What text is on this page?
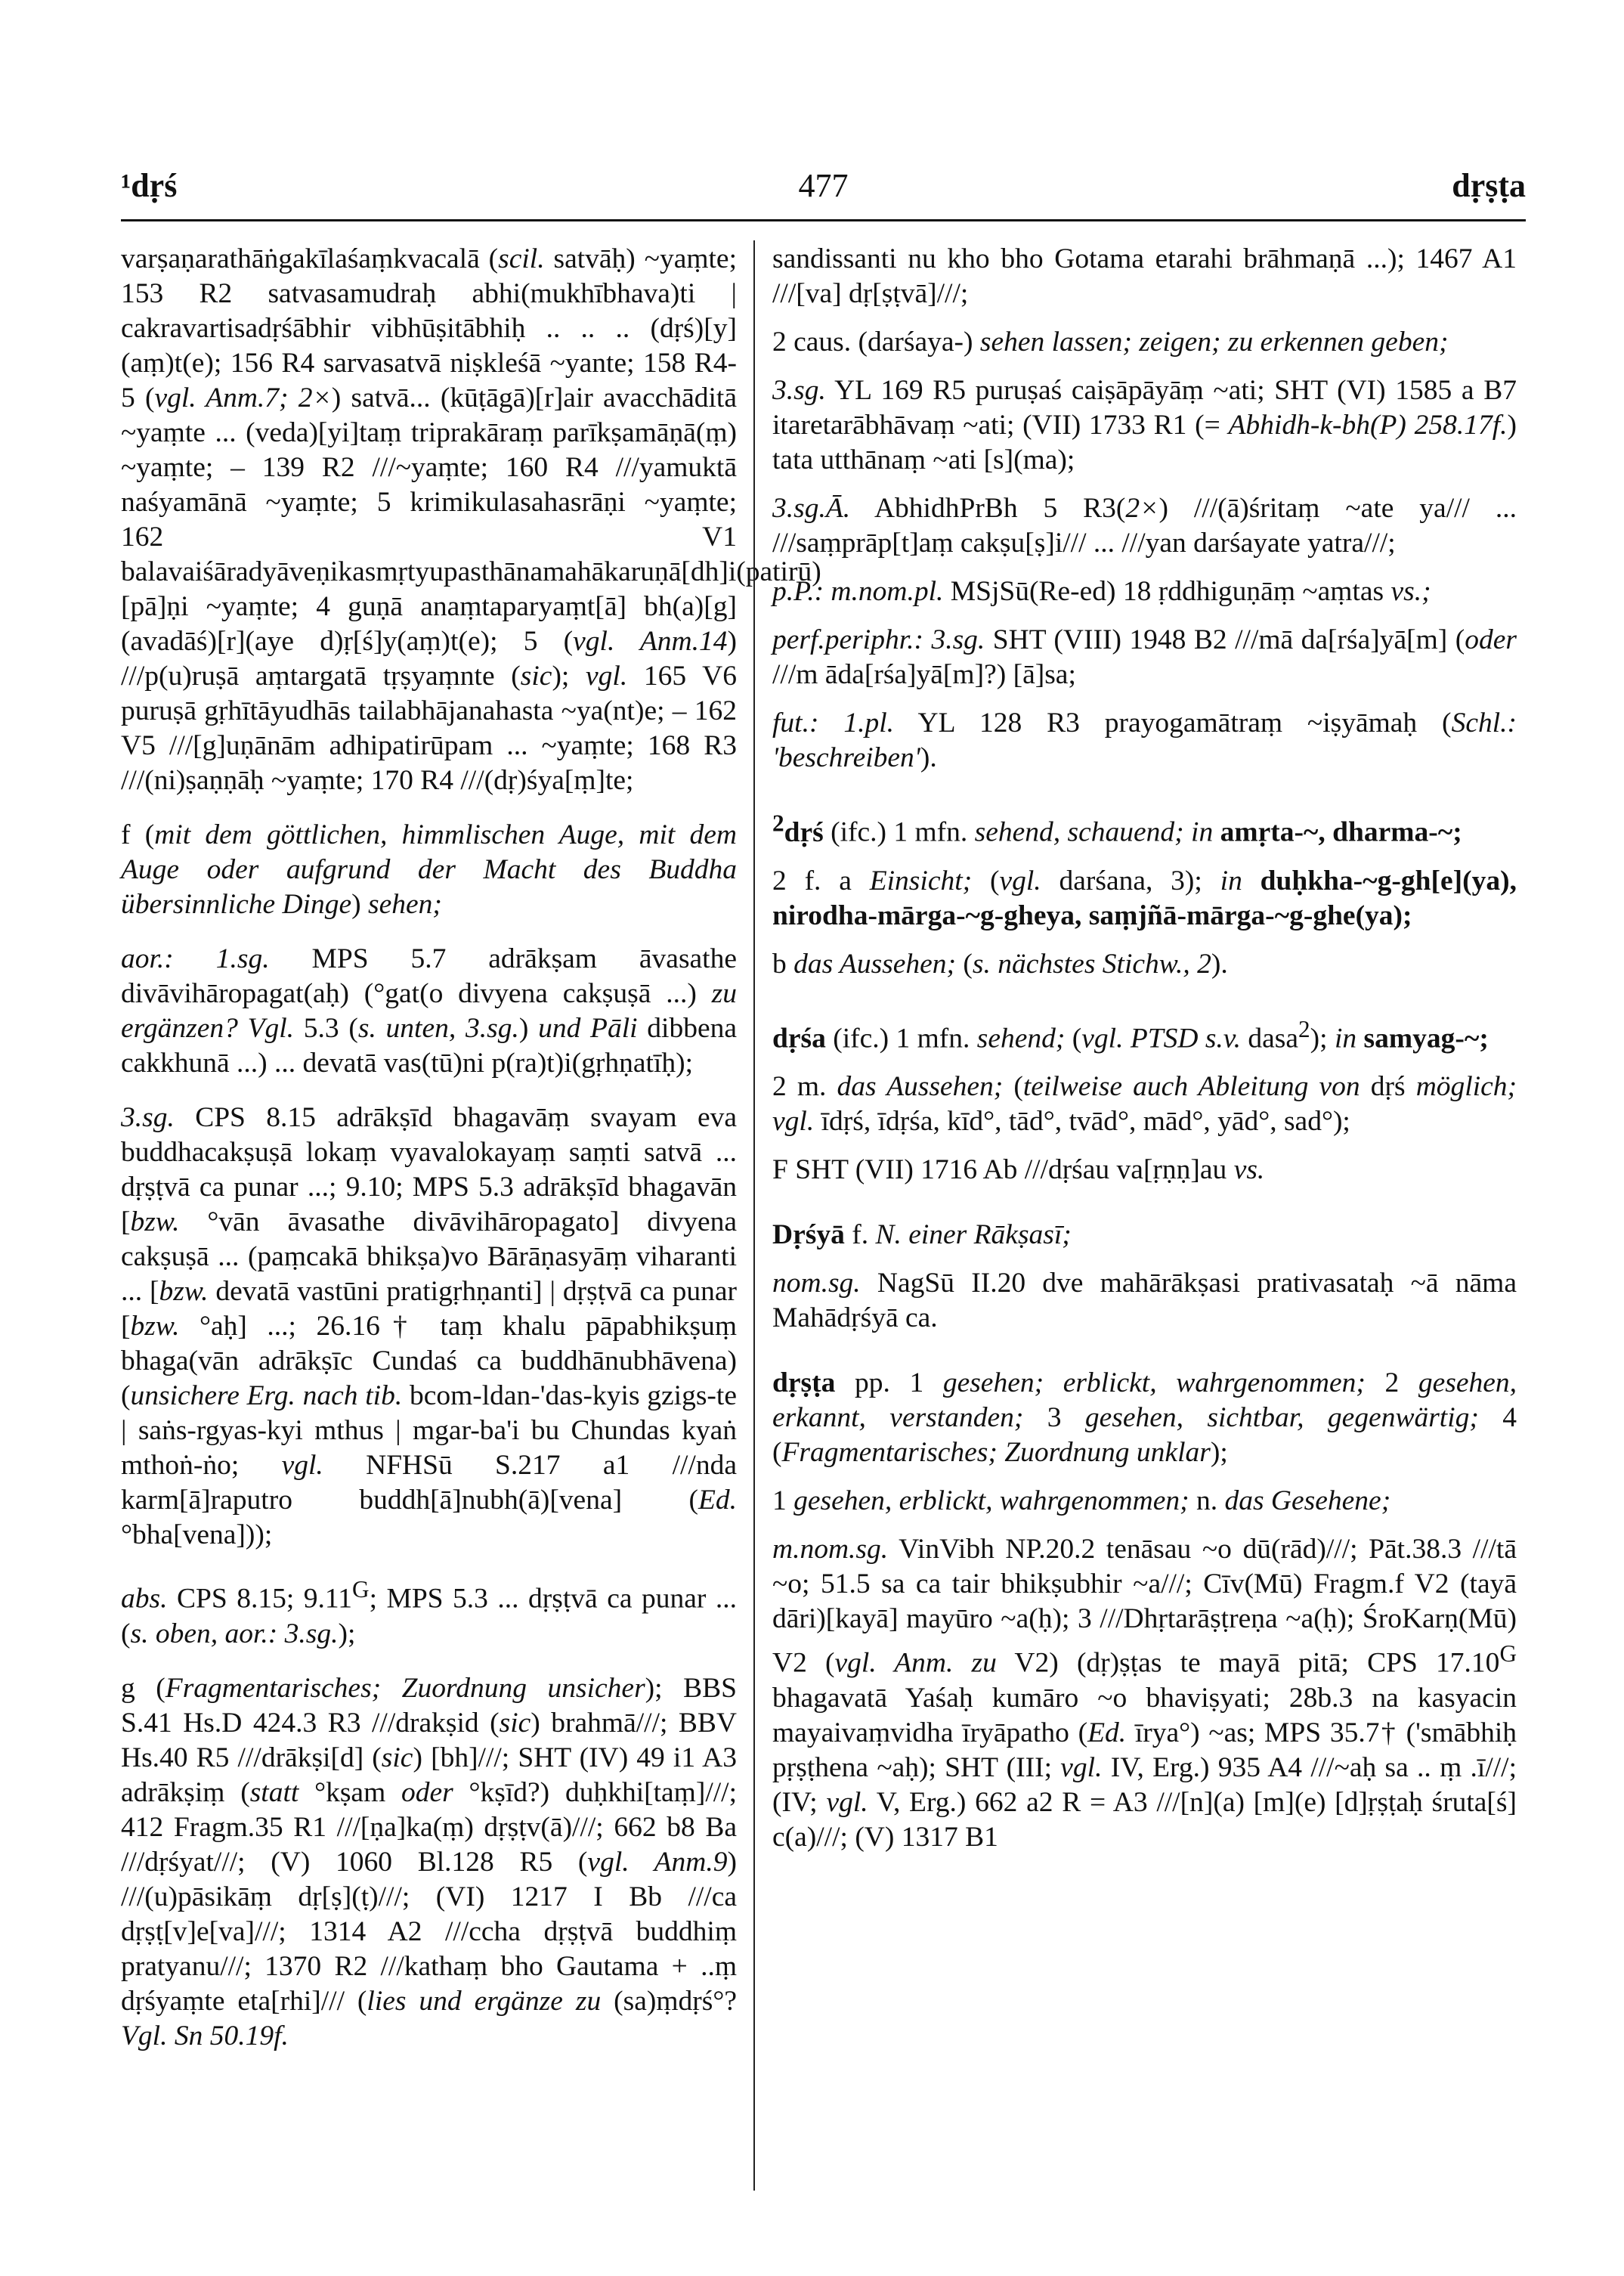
¹dṛś	477	dṛṣṭa

varṣaṇarathāṅgakīlaśaṃkvacalā (scil. satvāḥ) ~yaṃte; 153 R2 satvasamudraḥ abhi(mukhībhava)ti | cakravartisadṛśābhir vibhūṣitābhiḥ .. .. .. (dṛś)[y](aṃ)t(e); 156 R4 sarvasatvā niṣkleśā ~yante; 158 R4-5 (vgl. Anm.7; 2×) satvā... (kūṭāgā)[r]air avacchāditā ~yaṃte ... (veda)[yi]taṃ triprakāraṃ parīkṣamāṇā(ṃ) ~yaṃte; – 139 R2 ///~yaṃte; 160 R4 ///yamuktā naśyamānā ~yaṃte; 5 krimikulasahasrāṇi ~yaṃte; 162 V1 balavaiśāradyāveṇikasmṛtyupasthānamahākaruṇā[dh]i(patirū)[pā]ṇi ~yaṃte; 4 guṇā anaṃtaparyaṃt[ā] bh(a)[g](avadāś)[r](aye d)ṛ[ś]y(aṃ)t(e); 5 (vgl. Anm.14) ///p(u)ruṣā aṃtargatā tṛṣyaṃnte (sic); vgl. 165 V6 puruṣā gṛhītāyudhās tailabhājanahasta ~ya(nt)e; – 162 V5 ///[g]uṇānām adhipatirūpam ... ~yaṃte; 168 R3 ///(ni)ṣaṇṇāḥ ~yaṃte; 170 R4 ///(dṛ)śya[ṃ]te;

f (mit dem göttlichen, himmlischen Auge, mit dem Auge oder aufgrund der Macht des Buddha übersinnliche Dinge) sehen;

aor.: 1.sg. MPS 5.7 adrākṣam āvasathe divāvihāropagat(aḥ) (°gat(o divyena cakṣuṣā ...) zu ergänzen? Vgl. 5.3 (s. unten, 3.sg.) und Pāli dibbena cakkhunā ...) ... devatā vas(tū)ni p(ra)t)i(gṛhṇatīḥ);

3.sg. CPS 8.15 adrākṣīd bhagavāṃ svayam eva buddhacakṣuṣā lokaṃ vyavalokayaṃ saṃti satvā ... dṛṣṭvā ca punar ...; 9.10; MPS 5.3 adrākṣīd bhagavān [bzw. °vān āvasathe divāvihāropagato] divyena cakṣuṣā ... (paṃcakā bhikṣa)vo Bārāṇasyāṃ viharanti ... [bzw. devatā vastūni pratigṛhṇanti] | dṛṣṭvā ca punar [bzw. °aḥ] ...; 26.16† taṃ khalu pāpabhikṣuṃ bhaga(vān adrākṣīc Cundaś ca buddhānubhāvena) (unsichere Erg. nach tib. bcom-ldan-'das-kyis gzigs-te | saṅs-rgyas-kyi mthus | mgar-ba'i bu Chundas kyaṅ mthoṅ-ṅo; vgl. NFHSū S.217 a1 ///nda karm[ā]raputro buddh[ā]nubh(ā)[vena] (Ed. °bha[vena]));

abs. CPS 8.15; $9.11^G$; MPS 5.3 ... dṛṣṭvā ca punar ... (s. oben, aor.: 3.sg.);

g (Fragmentarisches; Zuordnung unsicher); BBS S.41 Hs.D 424.3 R3 ///drakṣid (sic) brahmā///; BBV Hs.40 R5 ///drākṣi[d] (sic) [bh]///; SHT (IV) 49 i1 A3 adrākṣiṃ (statt °kṣam oder °kṣīd?) duḥkhi[taṃ]///; 412 Fragm.35 R1 ///[ṇa]ka(ṃ) dṛṣṭv(ā)///; 662 b8 Ba ///dṛśyat///; (V) 1060 Bl.128 R5 (vgl. Anm.9) ///(u)pāsikāṃ dṛ[ṣ](ṭ)///; (VI) 1217 I Bb ///ca dṛṣṭ[v]e[va]///; 1314 A2 ///ccha dṛṣṭvā buddhiṃ pratyanu///; 1370 R2 ///kathaṃ bho Gautama + ..ṃ dṛśyaṃte eta[rhi]/// (lies und ergänze zu (sa)ṃdṛś°? Vgl. Sn 50.19f.

sandissanti nu kho bho Gotama etarahi brāhmaṇā ...); 1467 A1 ///[va] dṛ[ṣṭvā]///;

2 caus. (darśaya-) sehen lassen; zeigen; zu erkennen geben;

3.sg. YL 169 R5 puruṣaś caiṣāpāyāṃ ~ati; SHT (VI) 1585 a B7 itaretarābhāvaṃ ~ati; (VII) 1733 R1 (= Abhidh-k-bh(P) 258.17f.) tata utthānaṃ ~ati [s](ma);

3.sg.Ā. AbhidhPrBh 5 R3(2×) ///(ā)śritaṃ ~ate ya/// ... ///saṃprāp[t]aṃ cakṣu[ṣ]i/// ... ///yan darśayate yatra///;

p.P.: m.nom.pl. MSjSū(Re-ed) 18 ṛddhiguṇāṃ ~aṃtas vs.;

perf.periphr.: 3.sg. SHT (VIII) 1948 B2 ///mā da[rśa]yā[m] (oder ///m āda[rśa]yā[m]?) [ā]sa;

fut.: 1.pl. YL 128 R3 prayogamātraṃ ~iṣyāmaḥ (Schl.: 'beschreiben').

$^2$dṛś (ifc.) 1 mfn. sehend, schauend; in amṛta-~, dharma-~;

2 f. a Einsicht; (vgl. darśana, 3); in duḥkha-~g-gh[e](ya), nirodha-mārga-~g-gheya, saṃjñā-mārga-~g-ghe(ya);

b das Aussehen; (s. nächstes Stichw., 2).

dṛśa (ifc.) 1 mfn. sehend; (vgl. PTSD s.v. dasa$^2$); in samyag-~;

2 m. das Aussehen; (teilweise auch Ableitung von dṛś möglich; vgl. īdṛś, īdṛśa, kīd°, tād°, tvād°, mād°, yād°, sad°);

F SHT (VII) 1716 Ab ///dṛśau va[ṛṇṇ]au vs.

Dṛśyā f. N. einer Rākṣasī;

nom.sg. NagSū II.20 dve mahārākṣasi prativasataḥ ~ā nāma Mahādṛśyā ca.

dṛṣṭa pp. 1 gesehen; erblickt, wahrgenommen; 2 gesehen, erkannt, verstanden; 3 gesehen, sichtbar, gegenwärtig; 4 (Fragmentarisches; Zuordnung unklar);

1 gesehen, erblickt, wahrgenommen; n. das Gesehene;

m.nom.sg. VinVibh NP.20.2 tenāsau ~o dū(rād)///; Pāt.38.3 ///tā ~o; 51.5 sa ca tair bhikṣubhir ~a///; Cīv(Mū) Fragm.f V2 (tayā dāri)[kayā] mayūro ~a(ḥ); 3 ///Dhṛtarāṣṭreṇa ~a(ḥ); ŚroKarṇ(Mū) V2 (vgl. Anm. zu V2) (dṛ)ṣṭas te mayā pitā; CPS $17.10^G$ bhagavatā Yaśaḥ kumāro ~o bhaviṣyati; 28b.3 na kasyacin mayaivaṃvidha īryāpatho (Ed. īrya°) ~as; MPS 35.7† ('smābhiḥ pṛṣṭhena ~aḥ); SHT (III; vgl. IV, Erg.) 935 A4 ///~aḥ sa .. ṃ .ī///; (IV; vgl. V, Erg.) 662 a2 R = A3 ///[n](a) [m](e) [d]ṛṣṭaḥ śruta[ś] c(a)///; (V) 1317 B1
